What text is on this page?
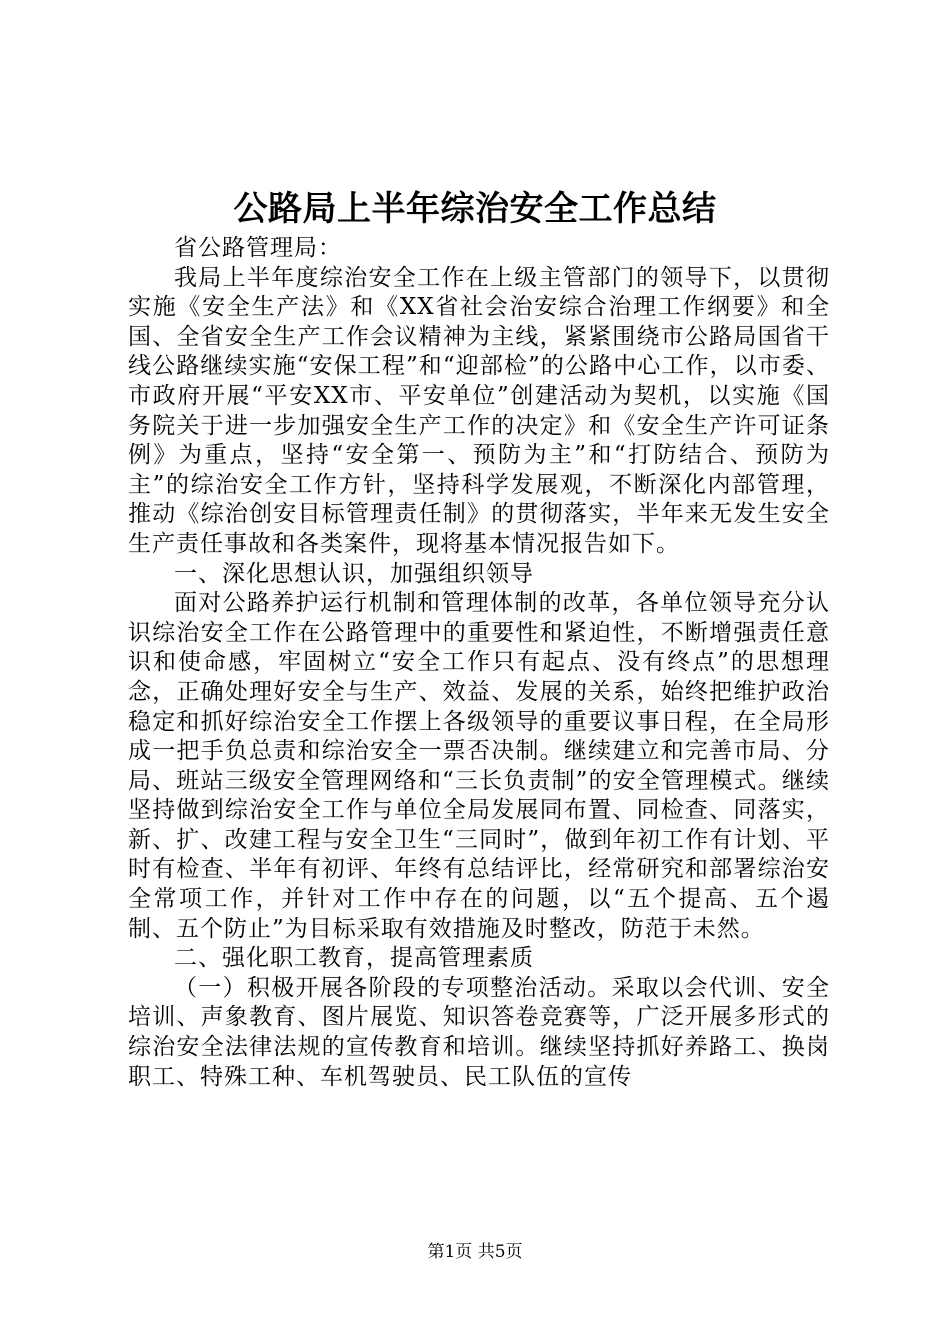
公路局上半年综治安全工作总结

省公路管理局：

我局上半年度综治安全工作在上级主管部门的领导下，以贯彻实施《安全生产法》和《XX省社会治安综合治理工作纲要》和全国、全省安全生产工作会议精神为主线，紧紧围绕市公路局国省干线公路继续实施“安保工程”和“迎部检”的公路中心工作，以市委、市政府开展“平安XX市、平安单位”创建活动为契机，以实施《国务院关于进一步加强安全生产工作的决定》和《安全生产许可证条例》为重点，坚持“安全第一、预防为主”和“打防结合、预防为主”的综治安全工作方针，坚持科学发展观，不断深化内部管理，推动《综治创安目标管理责任制》的贯彻落实，半年来无发生安全生产责任事故和各类案件，现将基本情况报告如下。

一、深化思想认识，加强组织领导

面对公路养护运行机制和管理体制的改革，各单位领导充分认识综治安全工作在公路管理中的重要性和紧迫性，不断增强责任意识和使命感，牢固树立“安全工作只有起点、没有终点”的思想理念，正确处理好安全与生产、效益、发展的关系，始终把维护政治稳定和抓好综治安全工作摆上各级领导的重要议事日程，在全局形成一把手负总责和综治安全一票否决制。继续建立和完善市局、分局、班站三级安全管理网络和“三长负责制”的安全管理模式。继续坚持做到综治安全工作与单位全局发展同布置、同检查、同落实，新、扩、改建工程与安全卫生“三同时”，做到年初工作有计划、平时有检查、半年有初评、年终有总结评比，经常研究和部署综治安全常项工作，并针对工作中存在的问题，以“五个提高、五个遏制、五个防止”为目标采取有效措施及时整改，防范于未然。

二、强化职工教育，提高管理素质

（一）积极开展各阶段的专项整治活动。采取以会代训、安全培训、声象教育、图片展览、知识答卷竞赛等，广泛开展多形式的综治安全法律法规的宣传教育和培训。继续坚持抓好养路工、换岗职工、特殊工种、车机驾驶员、民工队伍的宣传

第1页 共5页
